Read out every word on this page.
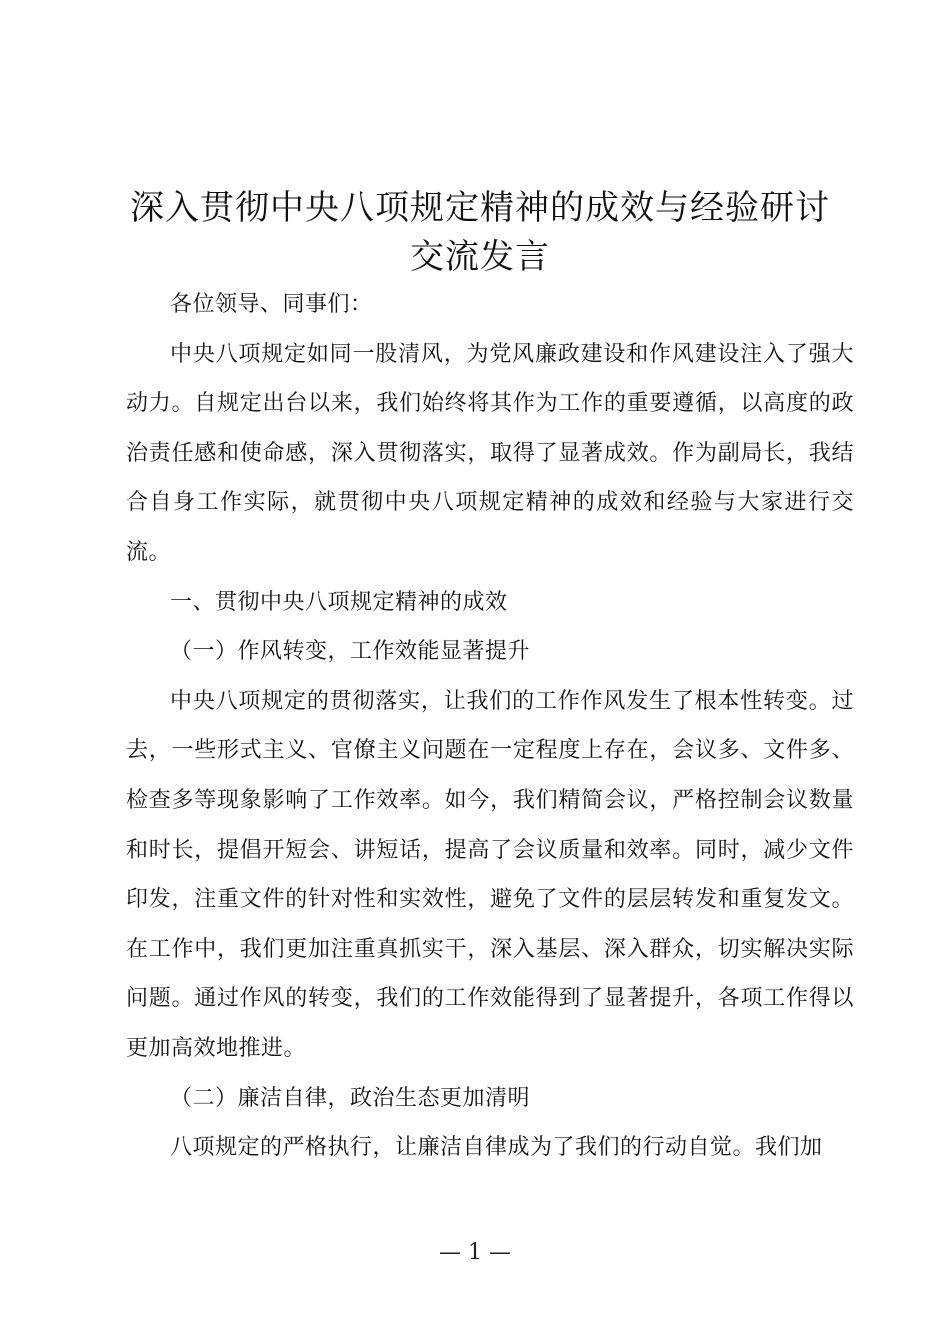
深入贯彻中央八项规定精神的成效与经验研讨
交流发言

各位领导、同事们：

中央八项规定如同一股清风，为党风廉政建设和作风建设注入了强大动力。自规定出台以来，我们始终将其作为工作的重要遵循，以高度的政治责任感和使命感，深入贯彻落实，取得了显著成效。作为副局长，我结合自身工作实际，就贯彻中央八项规定精神的成效和经验与大家进行交流。

一、贯彻中央八项规定精神的成效

（一）作风转变，工作效能显著提升

中央八项规定的贯彻落实，让我们的工作作风发生了根本性转变。过去，一些形式主义、官僚主义问题在一定程度上存在，会议多、文件多、检查多等现象影响了工作效率。如今，我们精简会议，严格控制会议数量和时长，提倡开短会、讲短话，提高了会议质量和效率。同时，减少文件印发，注重文件的针对性和实效性，避免了文件的层层转发和重复发文。在工作中，我们更加注重真抓实干，深入基层、深入群众，切实解决实际问题。通过作风的转变，我们的工作效能得到了显著提升，各项工作得以更加高效地推进。

（二）廉洁自律，政治生态更加清明

八项规定的严格执行，让廉洁自律成为了我们的行动自觉。我们加

— 1 —
